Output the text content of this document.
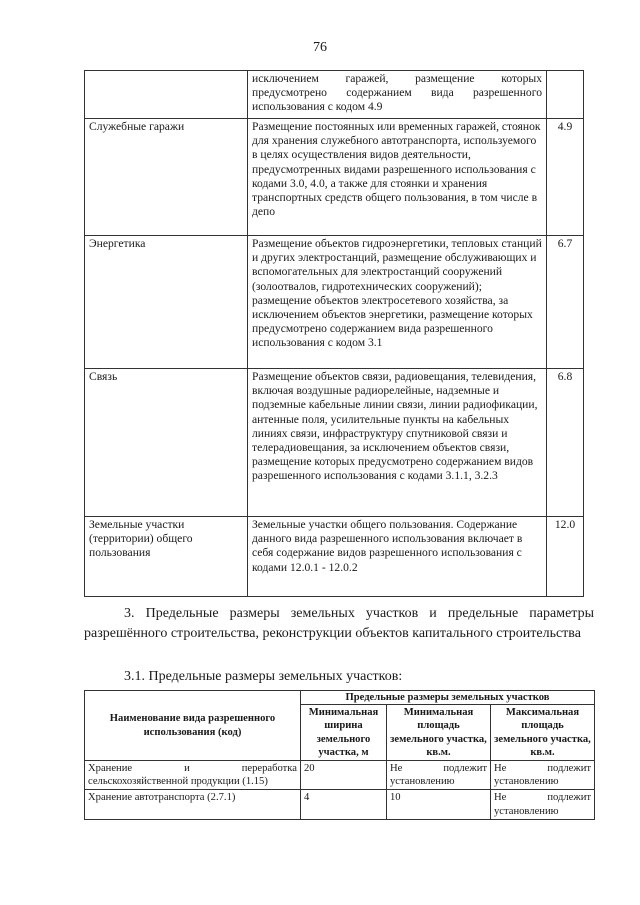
76
	исключением гаражей, размещение которых предусмотрено содержанием вида разрешенного использования с кодом 4.9	
Служебные гаражи	Размещение постоянных или временных гаражей, стоянок для хранения служебного автотранспорта, используемого в целях осуществления видов деятельности, предусмотренных видами разрешенного использования с кодами 3.0, 4.0, а также для стоянки и хранения транспортных средств общего пользования, в том числе в депо	4.9
Энергетика	Размещение объектов гидроэнергетики, тепловых станций и других электростанций, размещение обслуживающих и вспомогательных для электростанций сооружений (золоотвалов, гидротехнических сооружений); размещение объектов электросетевого хозяйства, за исключением объектов энергетики, размещение которых предусмотрено содержанием вида разрешенного использования с кодом 3.1	6.7
Связь	Размещение объектов связи, радиовещания, телевидения, включая воздушные радиорелейные, надземные и подземные кабельные линии связи, линии радиофикации, антенные поля, усилительные пункты на кабельных линиях связи, инфраструктуру спутниковой связи и телерадиовещания, за исключением объектов связи, размещение которых предусмотрено содержанием видов разрешенного использования с кодами 3.1.1, 3.2.3	6.8
Земельные участки (территории) общего пользования	Земельные участки общего пользования. Содержание данного вида разрешенного использования включает в себя содержание видов разрешенного использования с кодами 12.0.1 - 12.0.2	12.0
3. Предельные размеры земельных участков и предельные параметры разрешённого строительства, реконструкции объектов капитального строительства
3.1. Предельные размеры земельных участков:
Наименование вида разрешенного использования (код)	Предельные размеры земельных участков		
	Минимальная ширина земельного участка, м	Минимальная площадь земельного участка, кв.м.	Максимальная площадь земельного участка, кв.м.
Хранение и переработка сельскохозяйственной продукции (1.15)	20	Не подлежит установлению	Не подлежит установлению
Хранение автотранспорта (2.7.1)	4	10	Не подлежит установлению
